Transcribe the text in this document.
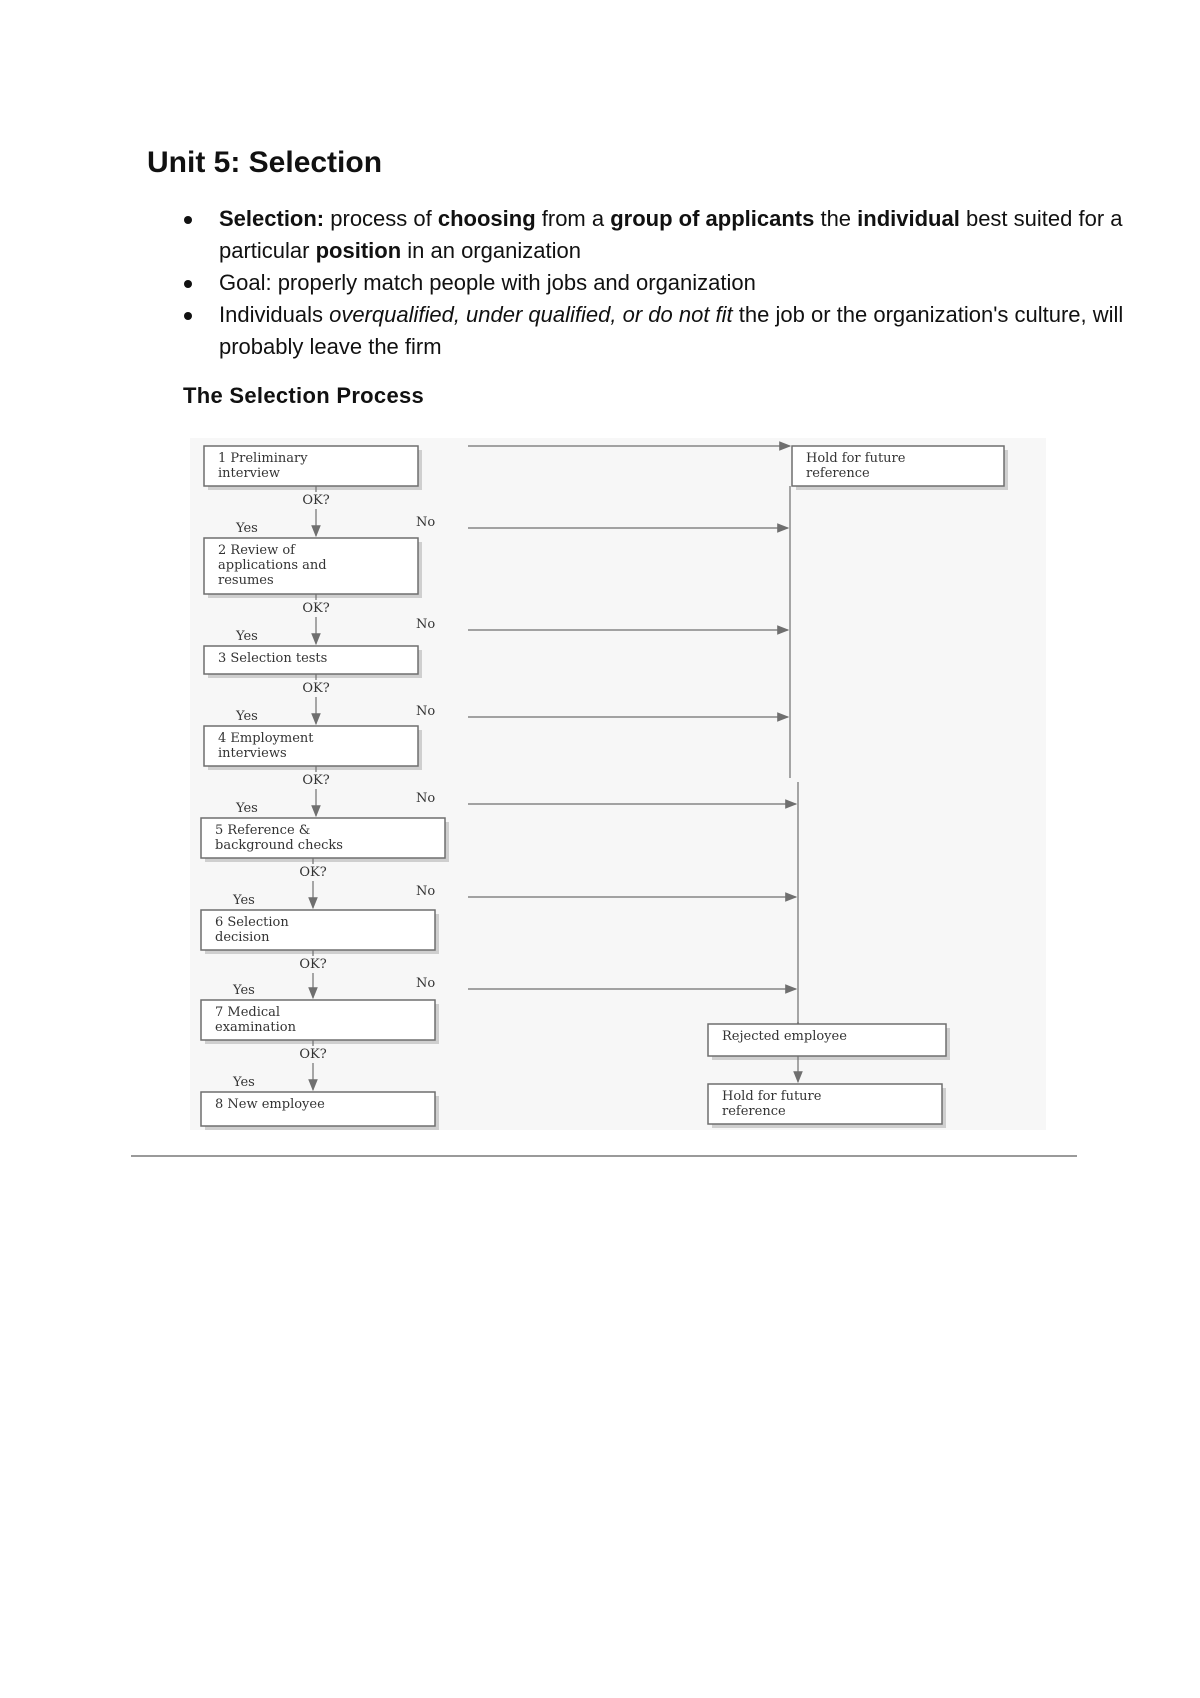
Unit 5: Selection
Selection: process of choosing from a group of applicants the individual best suited for a particular position in an organization
Goal: properly match people with jobs and organization
Individuals overqualified, under qualified, or do not fit the job or the organization's culture, will probably leave the firm
The Selection Process
Hold for future
reference
1 Preliminary
interview
OK?
Yes	No
2 Review of
applications and
resumes
OK?
Yes
No
3 Selection tests
OK?
Yes	No
4 Employment
interviews
OK?
Yes
No
5 Reference &
background checks
OK?
Yes
No
6 Selection
decision
OK?
Yes	No
7 Medical
examination
OK?
Yes
8 New employee
Rejected employee
Hold for future
reference
